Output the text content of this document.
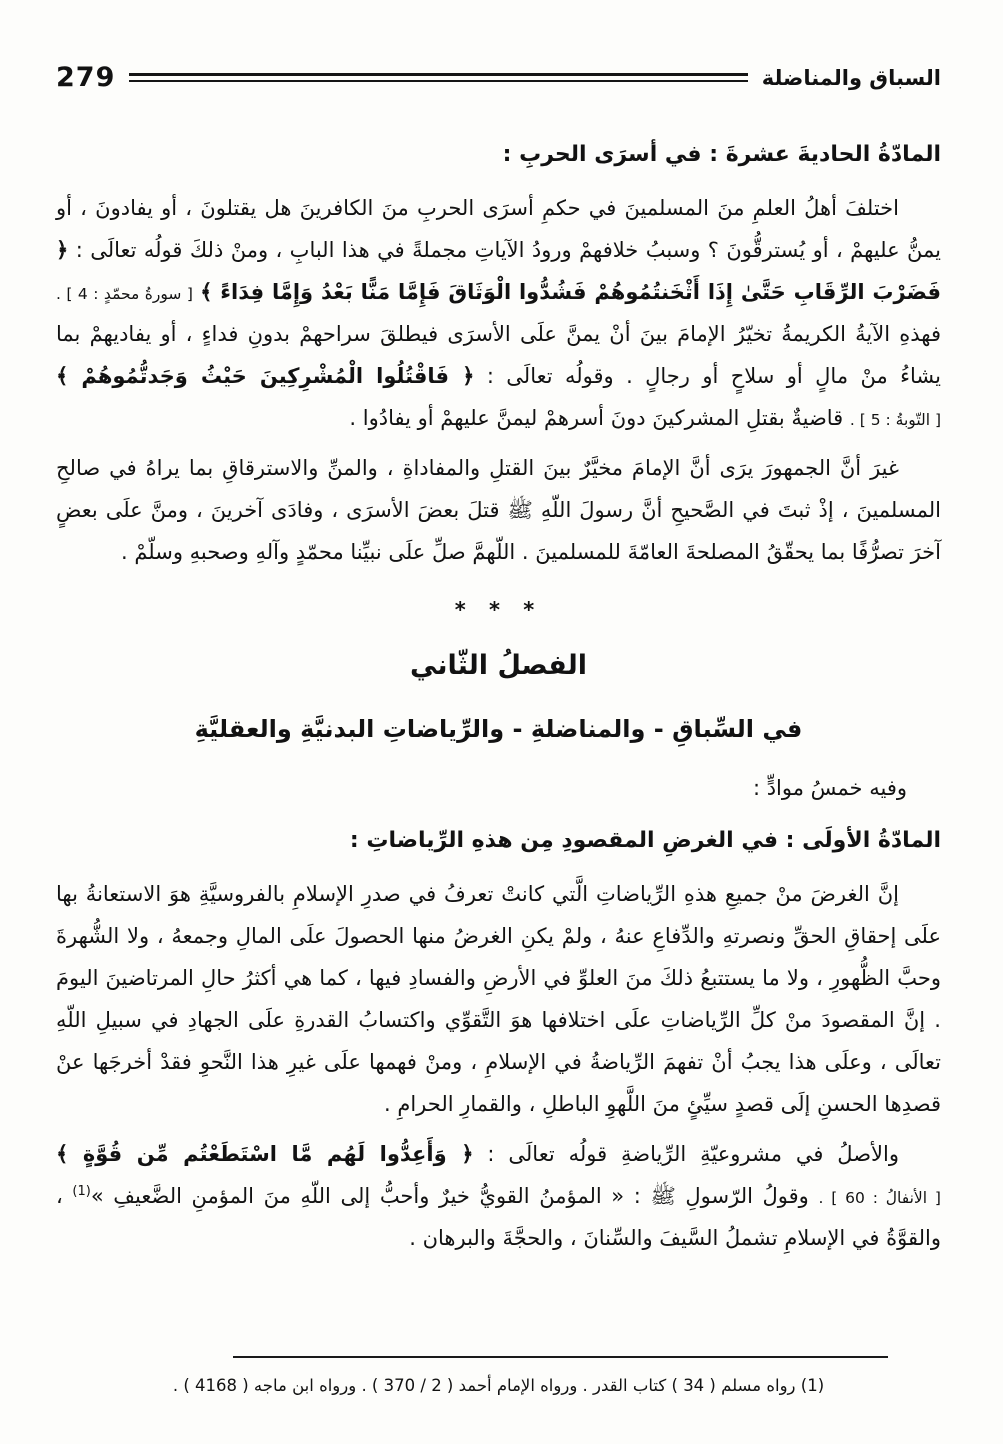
279	السباق والمناضلة
المادّةُ الحاديةَ عشرةَ : في أسرَى الحربِ :

اختلفَ أهلُ العلمِ منَ المسلمينَ في حكمِ أسرَى الحربِ منَ الكافرينَ هل يقتلونَ ، أو يفادونَ ، أو يمنُّ عليهمْ ، أو يُسترقُّونَ ؟ وسببُ خلافهمْ ورودُ الآياتِ مجملةً في هذا البابِ ، ومنْ ذلكَ قولُه تعالَى : ﴿ فَضَرْبَ الرِّقَابِ حَتَّىٰ إِذَا أَثْخَنتُمُوهُمْ فَشُدُّوا الْوَثَاقَ فَإِمَّا مَنًّا بَعْدُ وَإِمَّا فِدَاءً ﴾ [ سورةُ محمّدٍ : 4 ] . فهذهِ الآيةُ الكريمةُ تخيّرُ الإمامَ بينَ أنْ يمنَّ علَى الأسرَى فيطلقَ سراحهمْ بدونِ فداءٍ ، أو يفاديهمْ بما يشاءُ منْ مالٍ أو سلاحٍ أو رجالٍ . وقولُه تعالَى : ﴿ فَاقْتُلُوا الْمُشْرِكِينَ حَيْثُ وَجَدتُّمُوهُمْ ﴾ [ التّوبةُ : 5 ] . قاضيةٌ بقتلِ المشركينَ دونَ أسرهمْ ليمنَّ عليهمْ أو يفادُوا .

غيرَ أنَّ الجمهورَ يرَى أنَّ الإمامَ مخيَّرٌ بينَ القتلِ والمفاداةِ ، والمنِّ والاسترقاقِ بما يراهُ في صالحِ المسلمينَ ، إذْ ثبتَ في الصَّحيحِ أنَّ رسولَ اللّهِ ﷺ قتلَ بعضَ الأسرَى ، وفادَى آخرينَ ، ومنَّ علَى بعضٍ آخرَ تصرُّفًا بما يحقّقُ المصلحةَ العامّةَ للمسلمينَ . اللّهمَّ صلِّ علَى نبيِّنا محمّدٍ وآلهِ وصحبهِ وسلّمْ .

* * *
الفصلُ الثّاني
في السِّباقِ - والمناضلةِ - والرِّياضاتِ البدنيَّةِ والعقليَّةِ

وفيه خمسُ موادٍّ :

المادّةُ الأولَى : في الغرضِ المقصودِ مِن هذهِ الرِّياضاتِ :

إنَّ الغرضَ منْ جميعِ هذهِ الرِّياضاتِ الَّتي كانتْ تعرفُ في صدرِ الإسلامِ بالفروسيَّةِ هوَ الاستعانةُ بها علَى إحقاقِ الحقِّ ونصرتهِ والدِّفاعِ عنهُ ، ولمْ يكنِ الغرضُ منها الحصولَ علَى المالِ وجمعهُ ، ولا الشُّهرةَ وحبَّ الظُّهورِ ، ولا ما يستتبعُ ذلكَ منَ العلوِّ في الأرضِ والفسادِ فيها ، كما هي أكثرُ حالِ المرتاضينَ اليومَ . إنَّ المقصودَ منْ كلِّ الرِّياضاتِ علَى اختلافها هوَ التَّقوِّي واكتسابُ القدرةِ علَى الجهادِ في سبيلِ اللّهِ تعالَى ، وعلَى هذا يجبُ أنْ تفهمَ الرِّياضةُ في الإسلامِ ، ومنْ فهمها علَى غيرِ هذا النَّحوِ فقدْ أخرجَها عنْ قصدِها الحسنِ إلَى قصدٍ سيِّئٍ منَ اللَّهوِ الباطلِ ، والقمارِ الحرامِ .

والأصلُ في مشروعيّةِ الرِّياضةِ قولُه تعالَى : ﴿ وَأَعِدُّوا لَهُم مَّا اسْتَطَعْتُم مِّن قُوَّةٍ ﴾ [ الأنفالُ : 60 ] . وقولُ الرّسولِ ﷺ : « المؤمنُ القويُّ خيرٌ وأحبُّ إلى اللّهِ منَ المؤمنِ الضَّعيفِ »$^{(1)}$ ، والقوَّةُ في الإسلامِ تشملُ السَّيفَ والسِّنانَ ، والحجَّةَ والبرهان .

(1) رواه مسلم ( 34 ) كتاب القدر . ورواه الإمام أحمد ( 2 / 370 ) . ورواه ابن ماجه ( 4168 ) .
